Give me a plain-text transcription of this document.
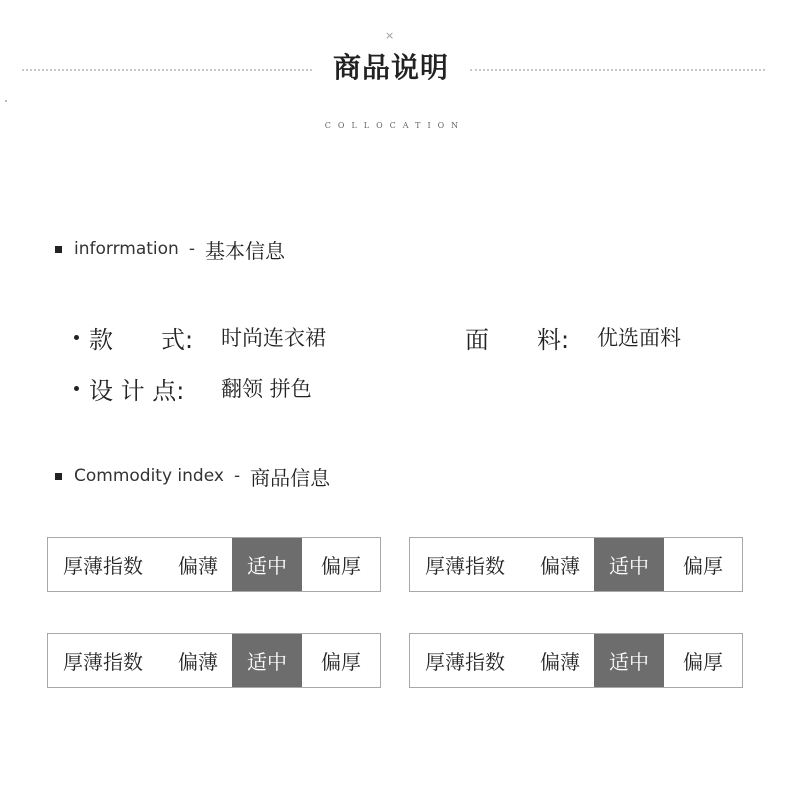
×
商品说明
COLLOCATION
inforrmation - 基本信息
款　　式:	时尚连衣裙	面　　料:	优选面料
设 计 点:	翻领 拼色
Commodity index - 商品信息
厚薄指数	偏薄	适中	偏厚	厚薄指数	偏薄	适中	偏厚
厚薄指数	偏薄	适中	偏厚	厚薄指数	偏薄	适中	偏厚
